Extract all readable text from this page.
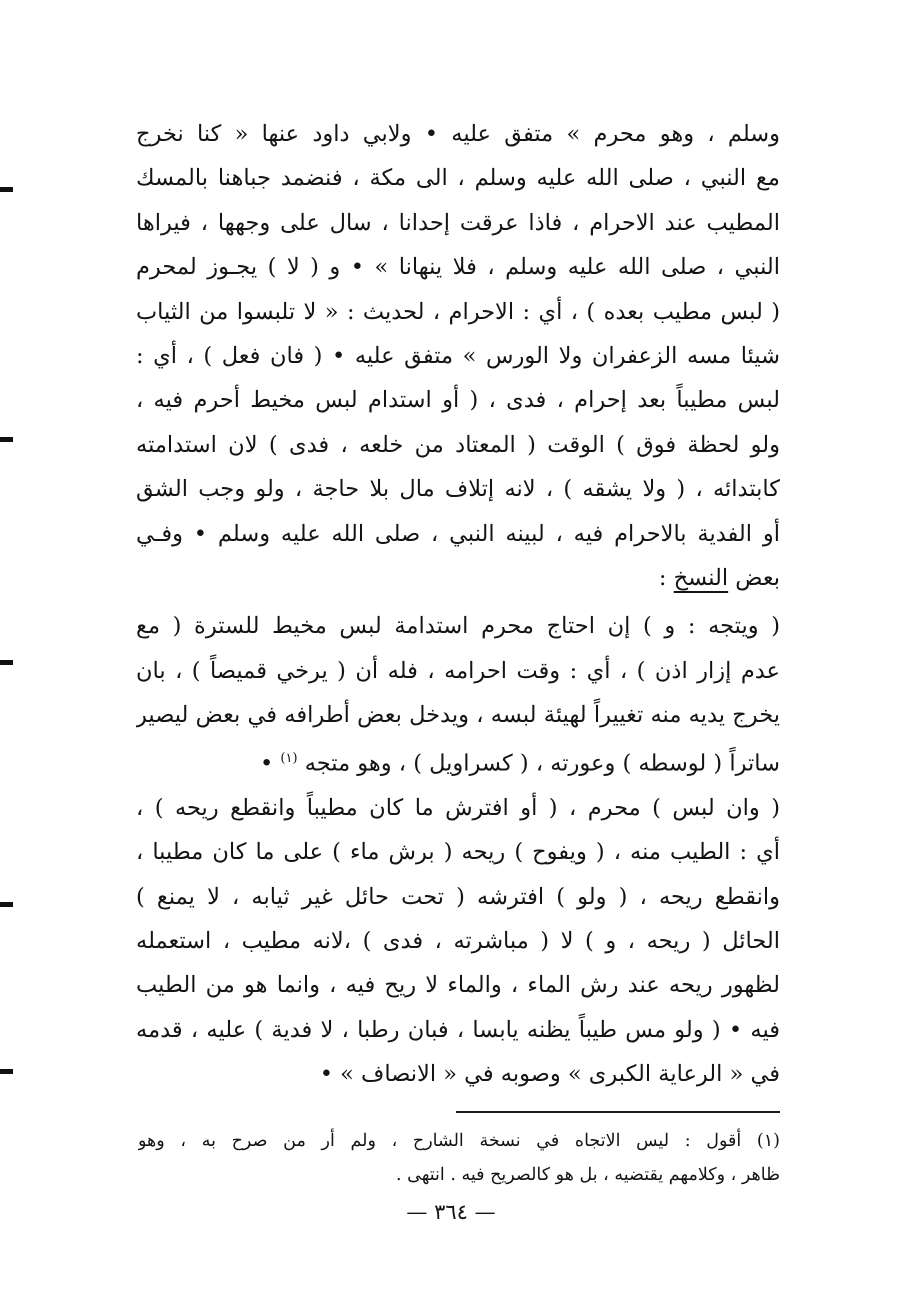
وسلم ، وهو محرم » متفق عليه • ولابي داود عنها « كنا نخرج
مع النبي ، صلى الله عليه وسلم ، الى مكة ، فنضمد جباهنا بالمسك
المطيب عند الاحرام ، فاذا عرقت إحدانا ، سال على وجهها ، فيراها
النبي ، صلى الله عليه وسلم ، فلا ينهانا » • و ( لا ) يجـوز لمحرم
( لبس مطيب بعده ) ، أي : الاحرام ، لحديث : « لا تلبسوا من الثياب
شيئا مسه الزعفران ولا الورس » متفق عليه • ( فان فعل ) ، أي :
لبس مطيباً بعد إحرام ، فدى ، ( أو استدام لبس مخيط أحرم فيه ،
ولو لحظة فوق ) الوقت ( المعتاد من خلعه ، فدى ) لان استدامته
كابتدائه ، ( ولا يشقه ) ، لانه إتلاف مال بلا حاجة ، ولو وجب الشق
أو الفدية بالاحرام فيه ، لبينه النبي ، صلى الله عليه وسلم • وفـي
بعض النسخ :
( ويتجه : و ) إن احتاج محرم استدامة لبس مخيط للسترة ( مع
عدم إزار اذن ) ، أي : وقت احرامه ، فله أن ( يرخي قميصاً ) ، بان
يخرج يديه منه تغييراً لهيئة لبسه ، ويدخل بعض أطرافه في بعض ليصير
ساتراً ( لوسطه ) وعورته ، ( كسراويل ) ، وهو متجه $^{(١)}$ •
( وان لبس ) محرم ، ( أو افترش ما كان مطيباً وانقطع ريحه ) ،
أي : الطيب منه ، ( ويفوح ) ريحه ( برش ماء ) على ما كان مطيبا ،
وانقطع ريحه ، ( ولو ) افترشه ( تحت حائل غير ثيابه ، لا يمنع )
الحائل ( ريحه ، و ) لا ( مباشرته ، فدى ) ،لانه مطيب ، استعمله
لظهور ريحه عند رش الماء ، والماء لا ريح فيه ، وانما هو من الطيب
فيه • ( ولو مس طيباً يظنه يابسا ، فبان رطبا ، لا فدية ) عليه ، قدمه
في « الرعاية الكبرى » وصوبه في « الانصاف » •
(١) أقول : ليس الاتجاه في نسخة الشارح ، ولم أر من صرح به ، وهو
ظاهر ، وكلامهم يقتضيه ، بل هو كالصريح فيه . انتهى .
— ٣٦٤ —
